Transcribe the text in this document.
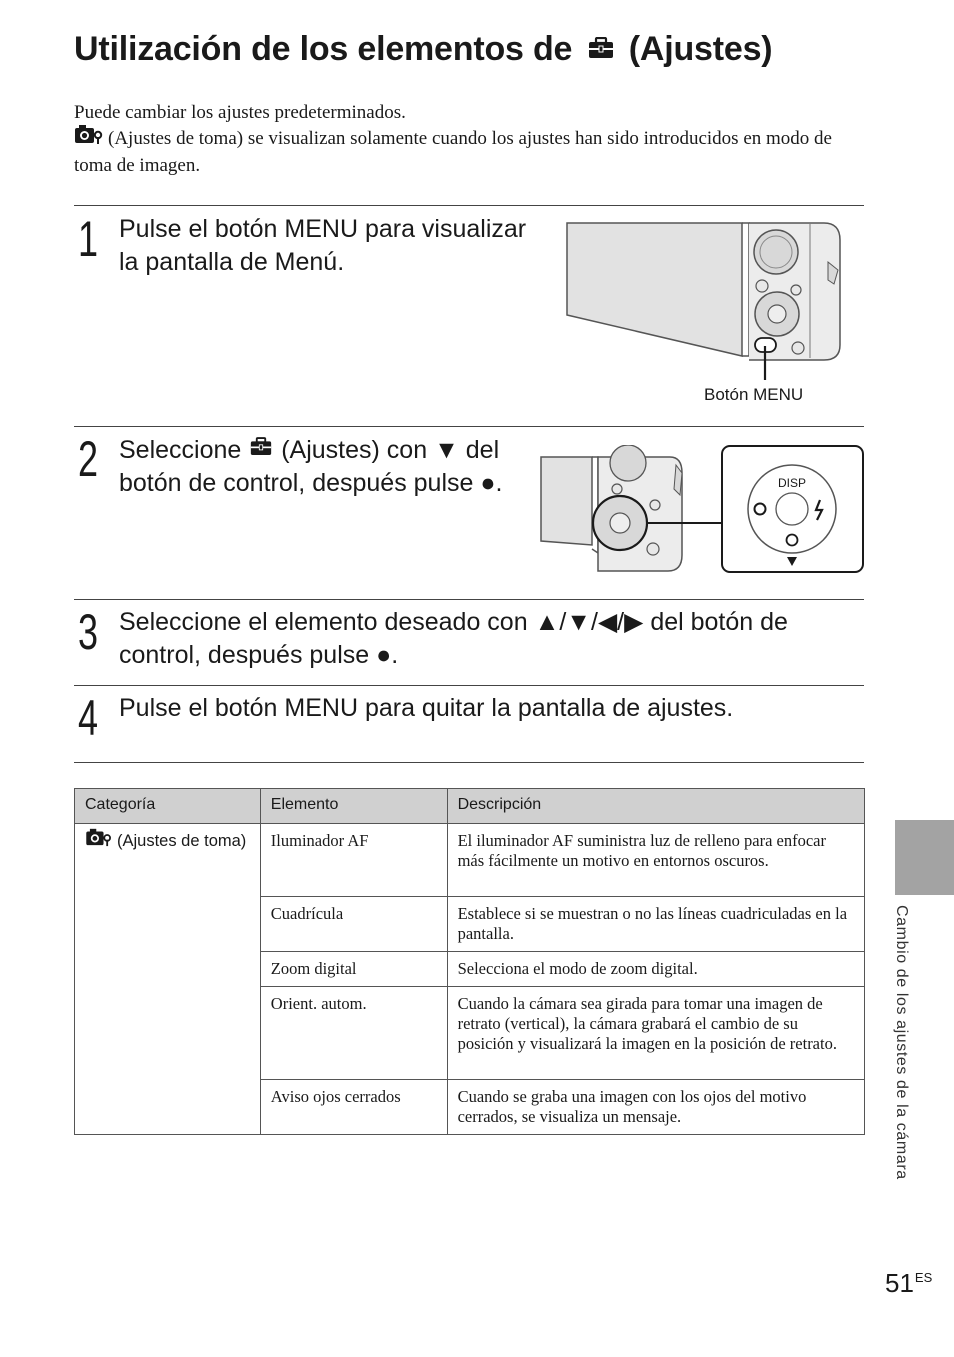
Utilización de los elementos de (Ajustes)
Puede cambiar los ajustes predeterminados.
(Ajustes de toma) se visualizan solamente cuando los ajustes han sido introducidos en modo de toma de imagen.
1 Pulse el botón MENU para visualizar la pantalla de Menú.
Botón MENU
2 Seleccione (Ajustes) con ▼ del botón de control, después pulse ●.	DISP
3 Seleccione el elemento deseado con ▲/▼/◀/▶ del botón de control, después pulse ●.
4 Pulse el botón MENU para quitar la pantalla de ajustes.
Categoría	Elemento	Descripción
(Ajustes de toma)	Iluminador AF	El iluminador AF suministra luz de relleno para enfocar más fácilmente un motivo en entornos oscuros.
	Cuadrícula	Establece si se muestran o no las líneas cuadriculadas en la pantalla.
	Zoom digital	Selecciona el modo de zoom digital.
	Orient. autom.	Cuando la cámara sea girada para tomar una imagen de retrato (vertical), la cámara grabará el cambio de su posición y visualizará la imagen en la posición de retrato.
	Aviso ojos cerrados	Cuando se graba una imagen con los ojos del motivo cerrados, se visualiza un mensaje.	Cambio de los ajustes de la cámara
$51^{ES}$
